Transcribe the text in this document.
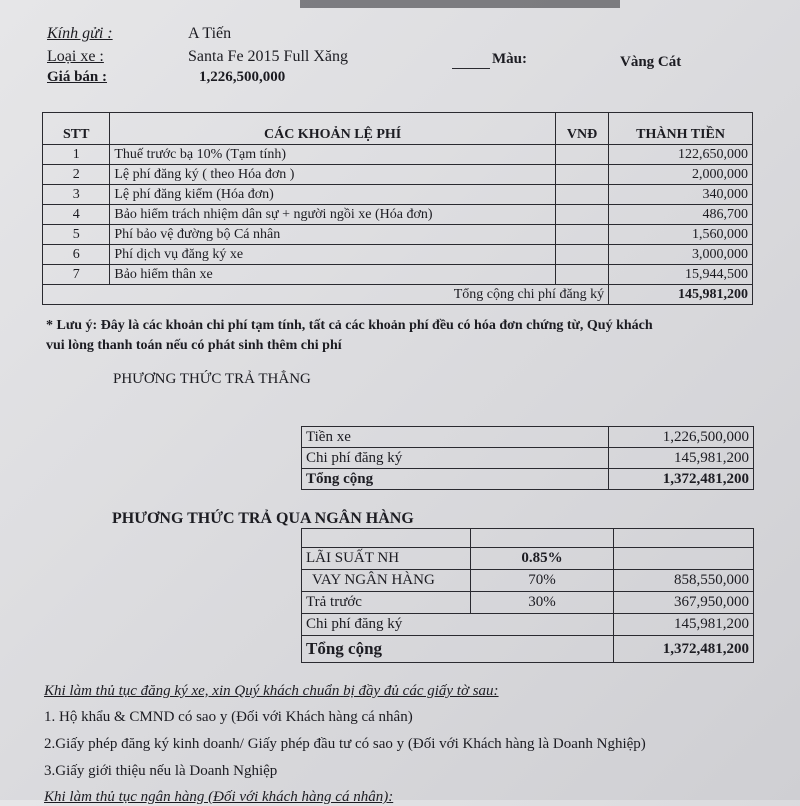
Kính gửi :	A Tiến
Loại xe :	Santa Fe 2015 Full Xăng	Màu:	Vàng Cát
Giá bán :	1,226,500,000
STT	CÁC KHOẢN LỆ PHÍ	VNĐ	THÀNH TIỀN
1	Thuế trước bạ 10% (Tạm tính)		122,650,000
2	Lệ phí đăng ký ( theo Hóa đơn )		2,000,000
3	Lệ phí đăng kiểm (Hóa đơn)		340,000
4	Bảo hiểm trách nhiệm dân sự + người ngồi xe (Hóa đơn)		486,700
5	Phí bảo vệ đường bộ Cá nhân		1,560,000
6	Phí dịch vụ đăng ký xe		3,000,000
7	Bảo hiểm thân xe		15,944,500
Tổng cộng chi phí đăng ký			145,981,200
* Lưu ý: Đây là các khoản chi phí tạm tính, tất cả các khoản phí đều có hóa đơn chứng từ, Quý khách
vui lòng thanh toán nếu có phát sinh thêm chi phí
PHƯƠNG THỨC TRẢ THẲNG
Tiền xe	1,226,500,000
Chi phí đăng ký	145,981,200
Tổng cộng	1,372,481,200
PHƯƠNG THỨC TRẢ QUA NGÂN HÀNG

LÃI SUẤT NH	0.85%	
VAY NGÂN HÀNG	70%	858,550,000
Trả trước	30%	367,950,000
Chi phí đăng ký		145,981,200
Tổng cộng		1,372,481,200
Khi làm thủ tục đăng ký xe, xin Quý khách chuẩn bị đầy đủ các giấy tờ sau:
1. Hộ khẩu & CMND có sao y (Đối với Khách hàng cá nhân)
2.Giấy phép đăng ký kinh doanh/ Giấy phép đầu tư có sao y (Đối với Khách hàng là Doanh Nghiệp)
3.Giấy giới thiệu nếu là Doanh Nghiệp
Khi làm thủ tục ngân hàng (Đối với khách hàng cá nhân):
